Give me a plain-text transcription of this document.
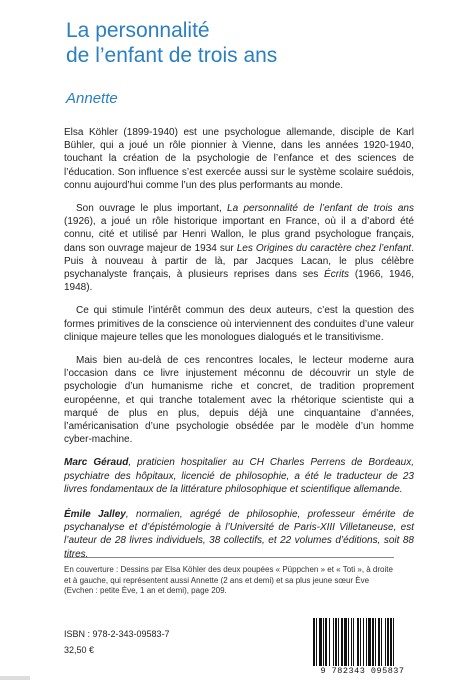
La personnalité
de l’enfant de trois ans
Annette

Elsa Köhler (1899-1940) est une psychologue allemande, disciple de Karl Bühler, qui a joué un rôle pionnier à Vienne, dans les années 1920-1940, touchant la création de la psychologie de l’enfance et des sciences de l’éducation. Son influence s’est exercée aussi sur le système scolaire suédois, connu aujourd’hui comme l’un des plus performants au monde.

Son ouvrage le plus important, La personnalité de l’enfant de trois ans (1926), a joué un rôle historique important en France, où il a d’abord été connu, cité et utilisé par Henri Wallon, le plus grand psychologue français, dans son ouvrage majeur de 1934 sur Les Origines du caractère chez l’enfant. Puis à nouveau à partir de là, par Jacques Lacan, le plus célèbre psychanalyste français, à plusieurs reprises dans ses Écrits (1966, 1946, 1948).

Ce qui stimule l’intérêt commun des deux auteurs, c’est la question des formes primitives de la conscience où interviennent des conduites d’une valeur clinique majeure telles que les monologues dialogués et le transitivisme.

Mais bien au-delà de ces rencontres locales, le lecteur moderne aura l’occasion dans ce livre injustement méconnu de découvrir un style de psychologie d’un humanisme riche et concret, de tradition proprement européenne, et qui tranche totalement avec la rhétorique scientiste qui a marqué de plus en plus, depuis déjà une cinquantaine d’années, l’américanisation d’une psychologie obsédée par le modèle d’un homme cyber-machine.

Marc Géraud, praticien hospitalier au CH Charles Perrens de Bordeaux, psychiatre des hôpitaux, licencié de philosophie, a été le traducteur de 23 livres fondamentaux de la littérature philosophique et scientifique allemande.

Émile Jalley, normalien, agrégé de philosophie, professeur émérite de psychanalyse et d’épistémologie à l’Université de Paris-XIII Villetaneuse, est l’auteur de 28 livres individuels, 38 collectifs, et 22 volumes d’éditions, soit 88 titres.

En couverture : Dessins par Elsa Köhler des deux poupées « Püppchen » et « Toti », à droite et à gauche, qui représentent aussi Annette (2 ans et demi) et sa plus jeune sœur Ève (Evchen : petite Ève, 1 an et demi), page 209.

ISBN : 978-2-343-09583-7
32,50 €
9 782343 095837
